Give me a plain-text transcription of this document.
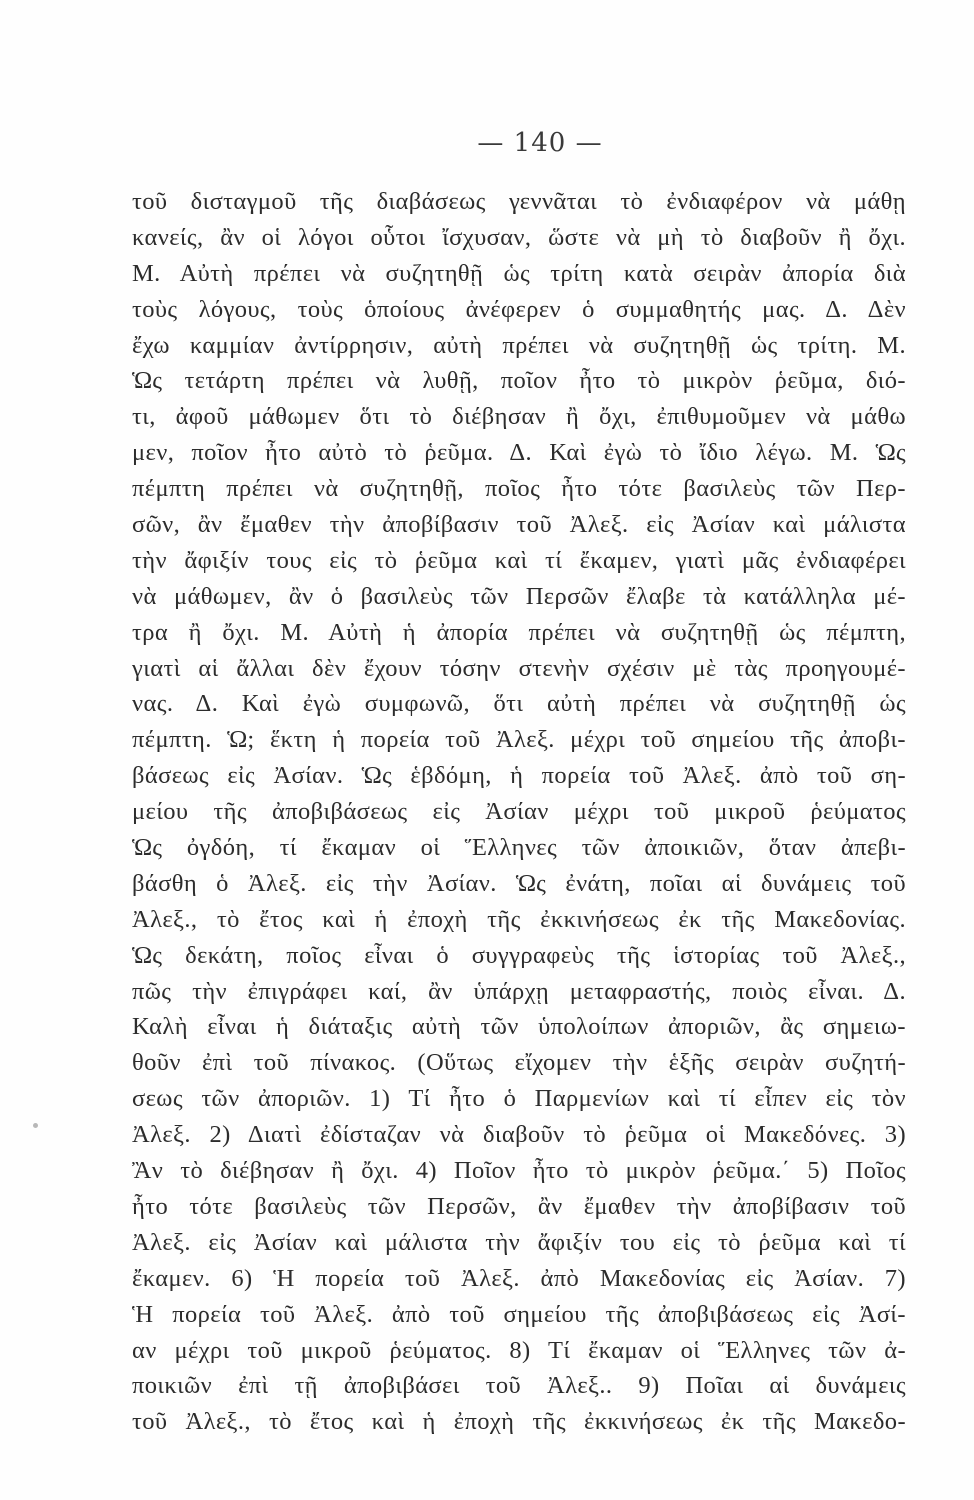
— 140 —
τοῦ δισταγμοῦ τῆς διαβάσεως γεννᾶται τὸ ἐνδιαφέρον νὰ μάθῃ
κανείς, ἂν οἱ λόγοι οὗτοι ἴσχυσαν, ὥστε νὰ μὴ τὸ διαβοῦν ἢ ὄχι.
Μ. Αὐτὴ πρέπει νὰ συζητηθῇ ὡς τρίτη κατὰ σειρὰν ἀπορία διὰ
τοὺς λόγους, τοὺς ὁποίους ἀνέφερεν ὁ συμμαθητής μας. Δ. Δὲν
ἔχω καμμίαν ἀντίρρησιν, αὐτὴ πρέπει νὰ συζητηθῇ ὡς τρίτη. Μ.
Ὡς τετάρτη πρέπει νὰ λυθῇ, ποῖον ἦτο τὸ μικρὸν ῥεῦμα, διό-
τι, ἀφοῦ μάθωμεν ὅτι τὸ διέβησαν ἢ ὄχι, ἐπιθυμοῦμεν νὰ μάθω
μεν, ποῖον ἦτο αὐτὸ τὸ ῥεῦμα. Δ. Καὶ ἐγὼ τὸ ἴδιο λέγω. Μ. Ὡς
πέμπτη πρέπει νὰ συζητηθῇ, ποῖος ἦτο τότε βασιλεὺς τῶν Περ-
σῶν, ἂν ἔμαθεν τὴν ἀποβίβασιν τοῦ Ἀλεξ. εἰς Ἀσίαν καὶ μάλιστα
τὴν ἄφιξίν τους εἰς τὸ ῥεῦμα καὶ τί ἔκαμεν, γιατὶ μᾶς ἐνδιαφέρει
νὰ μάθωμεν, ἂν ὁ βασιλεὺς τῶν Περσῶν ἔλαβε τὰ κατάλληλα μέ-
τρα ἢ ὄχι. Μ. Αὐτὴ ἡ ἀπορία πρέπει νὰ συζητηθῇ ὡς πέμπτη,
γιατὶ αἱ ἄλλαι δὲν ἔχουν τόσην στενὴν σχέσιν μὲ τὰς προηγουμέ-
νας. Δ. Καὶ ἐγὼ συμφωνῶ, ὅτι αὐτὴ πρέπει νὰ συζητηθῇ ὡς
πέμπτη. Ὡ; ἕκτη ἡ πορεία τοῦ Ἀλεξ. μέχρι τοῦ σημείου τῆς ἀποβι-
βάσεως εἰς Ἀσίαν. Ὡς ἑβδόμη, ἡ πορεία τοῦ Ἀλεξ. ἀπὸ τοῦ ση-
μείου τῆς ἀποβιβάσεως εἰς Ἀσίαν μέχρι τοῦ μικροῦ ῥεύματος
Ὡς ὀγδόη, τί ἔκαμαν οἱ Ἕλληνες τῶν ἀποικιῶν, ὅταν ἀπεβι-
βάσθη ὁ Ἀλεξ. εἰς τὴν Ἀσίαν. Ὡς ἐνάτη, ποῖαι αἱ δυνάμεις τοῦ
Ἀλεξ., τὸ ἔτος καὶ ἡ ἐποχὴ τῆς ἐκκινήσεως ἐκ τῆς Μακεδονίας.
Ὡς δεκάτη, ποῖος εἶναι ὁ συγγραφεὺς τῆς ἱστορίας τοῦ Ἀλεξ.,
πῶς τὴν ἐπιγράφει καί, ἂν ὑπάρχῃ μεταφραστής, ποιὸς εἶναι. Δ.
Καλὴ εἶναι ἡ διάταξις αὐτὴ τῶν ὑπολοίπων ἀποριῶν, ἂς σημειω-
θοῦν ἐπὶ τοῦ πίνακος. (Οὕτως εἴχομεν τὴν ἑξῆς σειρὰν συζητή-
σεως τῶν ἀποριῶν. 1) Τί ἦτο ὁ Παρμενίων καὶ τί εἶπεν εἰς τὸν
Ἀλεξ. 2) Διατὶ ἐδίσταζαν νὰ διαβοῦν τὸ ῥεῦμα οἱ Μακεδόνες. 3)
Ἂν τὸ διέβησαν ἢ ὄχι. 4) Ποῖον ἦτο τὸ μικρὸν ῥεῦμα.΄ 5) Ποῖος
ἦτο τότε βασιλεὺς τῶν Περσῶν, ἂν ἔμαθεν τὴν ἀποβίβασιν τοῦ
Ἀλεξ. εἰς Ἀσίαν καὶ μάλιστα τὴν ἄφιξίν του εἰς τὸ ῥεῦμα καὶ τί
ἔκαμεν. 6) Ἡ πορεία τοῦ Ἀλεξ. ἀπὸ Μακεδονίας εἰς Ἀσίαν. 7)
Ἡ πορεία τοῦ Ἀλεξ. ἀπὸ τοῦ σημείου τῆς ἀποβιβάσεως εἰς Ἀσί-
αν μέχρι τοῦ μικροῦ ῥεύματος. 8) Τί ἔκαμαν οἱ Ἕλληνες τῶν ἀ-
ποικιῶν ἐπὶ τῇ ἀποβιβάσει τοῦ Ἀλεξ.. 9) Ποῖαι αἱ δυνάμεις
τοῦ Ἀλεξ., τὸ ἔτος καὶ ἡ ἐποχὴ τῆς ἐκκινήσεως ἐκ τῆς Μακεδο-
